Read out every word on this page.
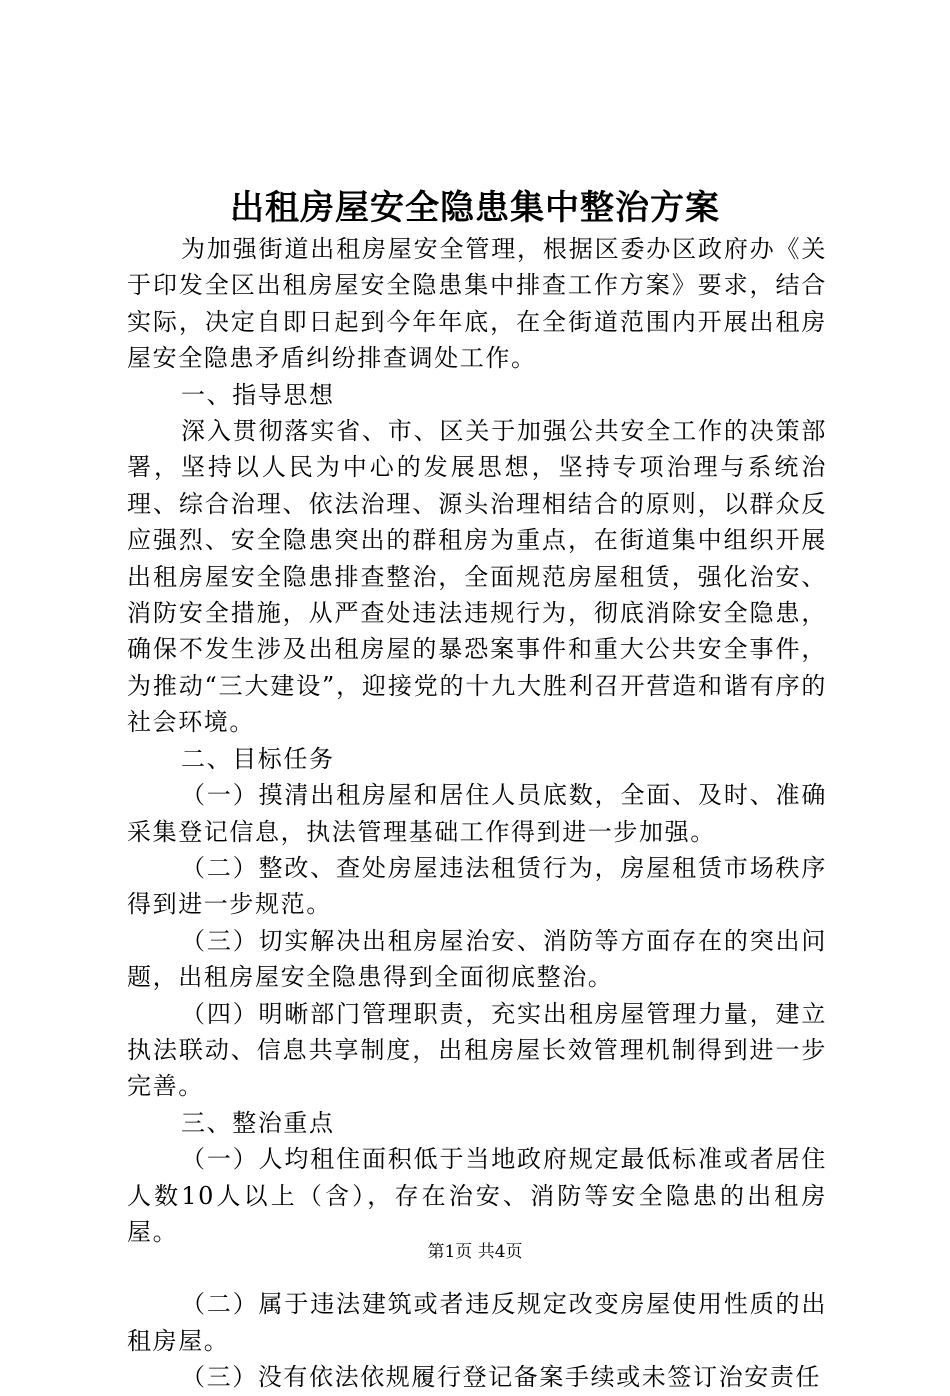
出租房屋安全隐患集中整治方案

为加强街道出租房屋安全管理，根据区委办区政府办《关于印发全区出租房屋安全隐患集中排查工作方案》要求，结合实际，决定自即日起到今年年底，在全街道范围内开展出租房屋安全隐患矛盾纠纷排查调处工作。

一、指导思想

深入贯彻落实省、市、区关于加强公共安全工作的决策部署，坚持以人民为中心的发展思想，坚持专项治理与系统治理、综合治理、依法治理、源头治理相结合的原则，以群众反应强烈、安全隐患突出的群租房为重点，在街道集中组织开展出租房屋安全隐患排查整治，全面规范房屋租赁，强化治安、消防安全措施，从严查处违法违规行为，彻底消除安全隐患，确保不发生涉及出租房屋的暴恐案事件和重大公共安全事件，为推动“三大建设”，迎接党的十九大胜利召开营造和谐有序的社会环境。

二、目标任务

（一）摸清出租房屋和居住人员底数，全面、及时、准确采集登记信息，执法管理基础工作得到进一步加强。

（二）整改、查处房屋违法租赁行为，房屋租赁市场秩序得到进一步规范。

（三）切实解决出租房屋治安、消防等方面存在的突出问题，出租房屋安全隐患得到全面彻底整治。

（四）明晰部门管理职责，充实出租房屋管理力量，建立执法联动、信息共享制度，出租房屋长效管理机制得到进一步完善。

三、整治重点

（一）人均租住面积低于当地政府规定最低标准或者居住人数10人以上（含），存在治安、消防等安全隐患的出租房屋。

（二）属于违法建筑或者违反规定改变房屋使用性质的出租房屋。

（三）没有依法依规履行登记备案手续或未签订治安责任

第1页 共4页
